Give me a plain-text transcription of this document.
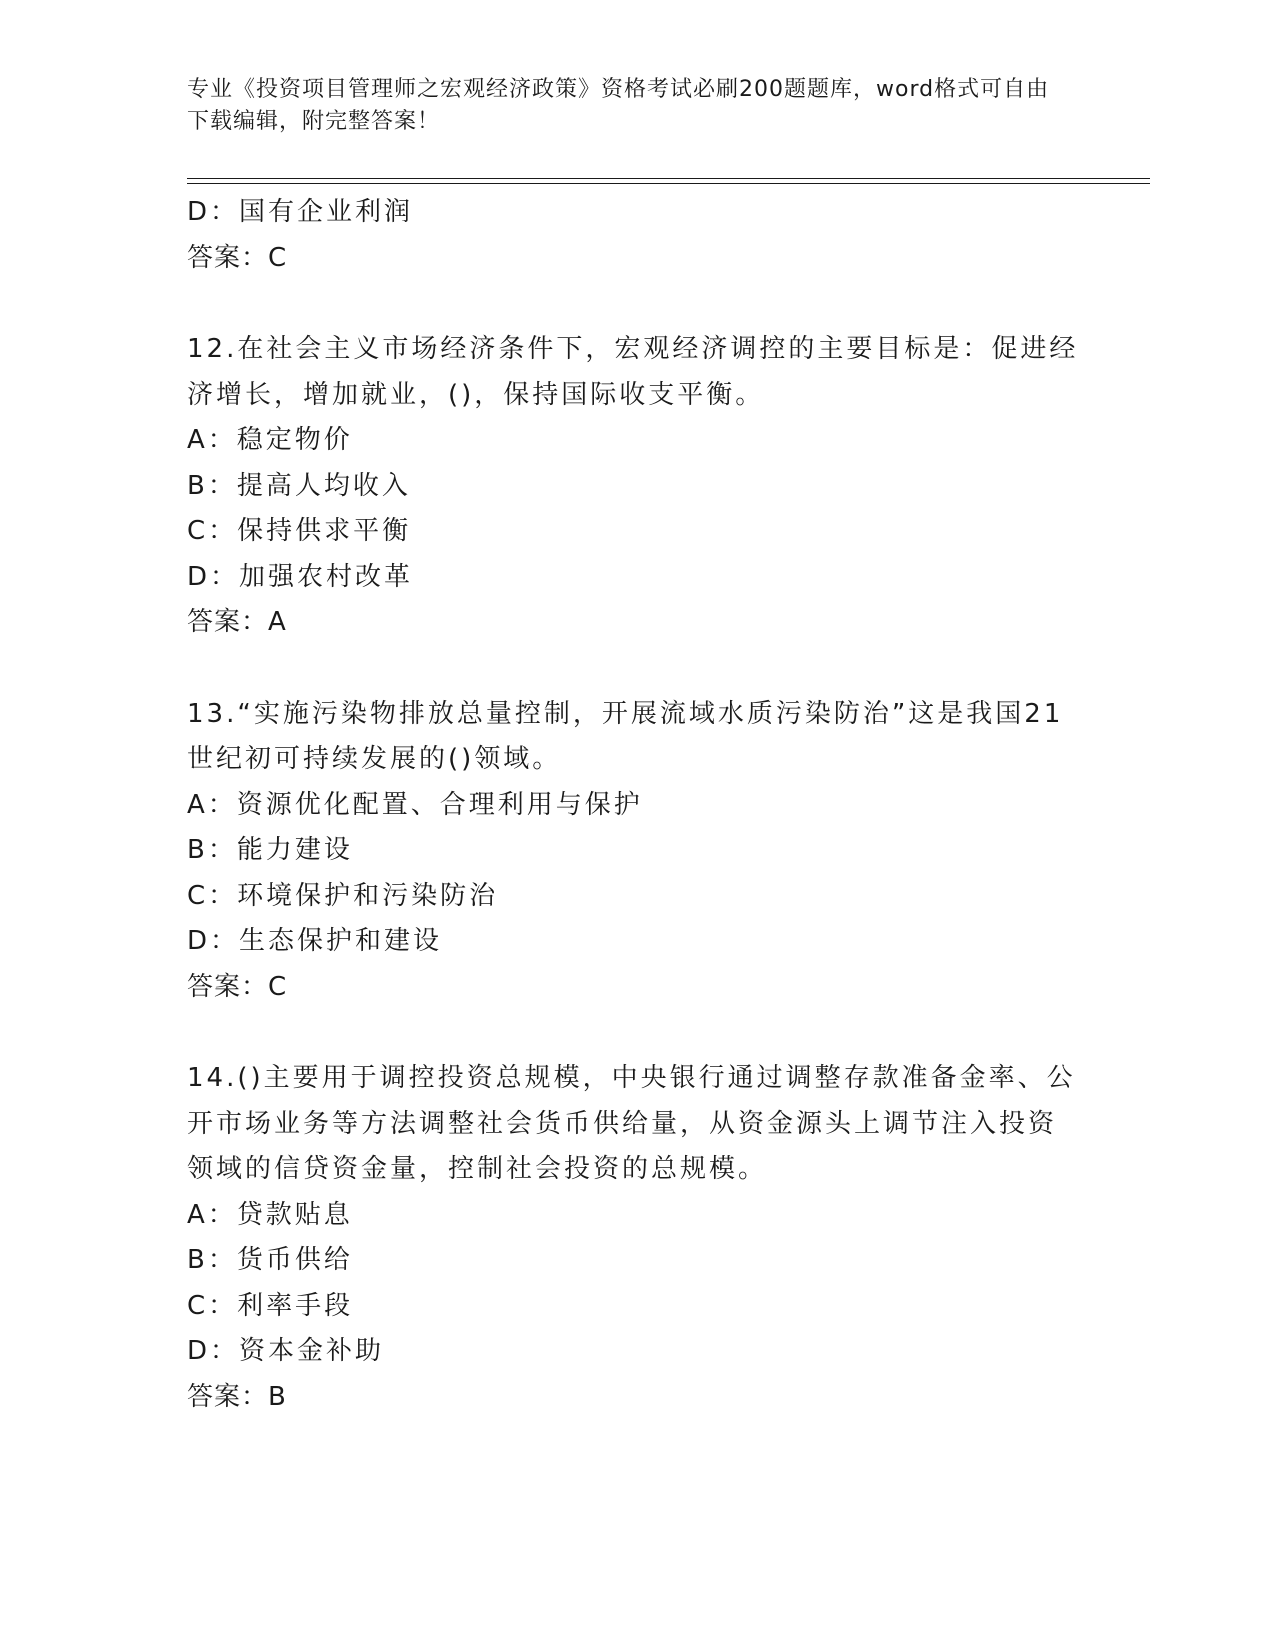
专业《投资项目管理师之宏观经济政策》资格考试必刷200题题库，word格式可自由下载编辑，附完整答案！
D：国有企业利润
答案：C
12.在社会主义市场经济条件下，宏观经济调控的主要目标是：促进经
济增长，增加就业，()，保持国际收支平衡。
A：稳定物价
B：提高人均收入
C：保持供求平衡
D：加强农村改革
答案：A
13.“实施污染物排放总量控制，开展流域水质污染防治”这是我国21
世纪初可持续发展的()领域。
A：资源优化配置、合理利用与保护
B：能力建设
C：环境保护和污染防治
D：生态保护和建设
答案：C
14.()主要用于调控投资总规模，中央银行通过调整存款准备金率、公
开市场业务等方法调整社会货币供给量，从资金源头上调节注入投资
领域的信贷资金量，控制社会投资的总规模。
A：贷款贴息
B：货币供给
C：利率手段
D：资本金补助
答案：B
